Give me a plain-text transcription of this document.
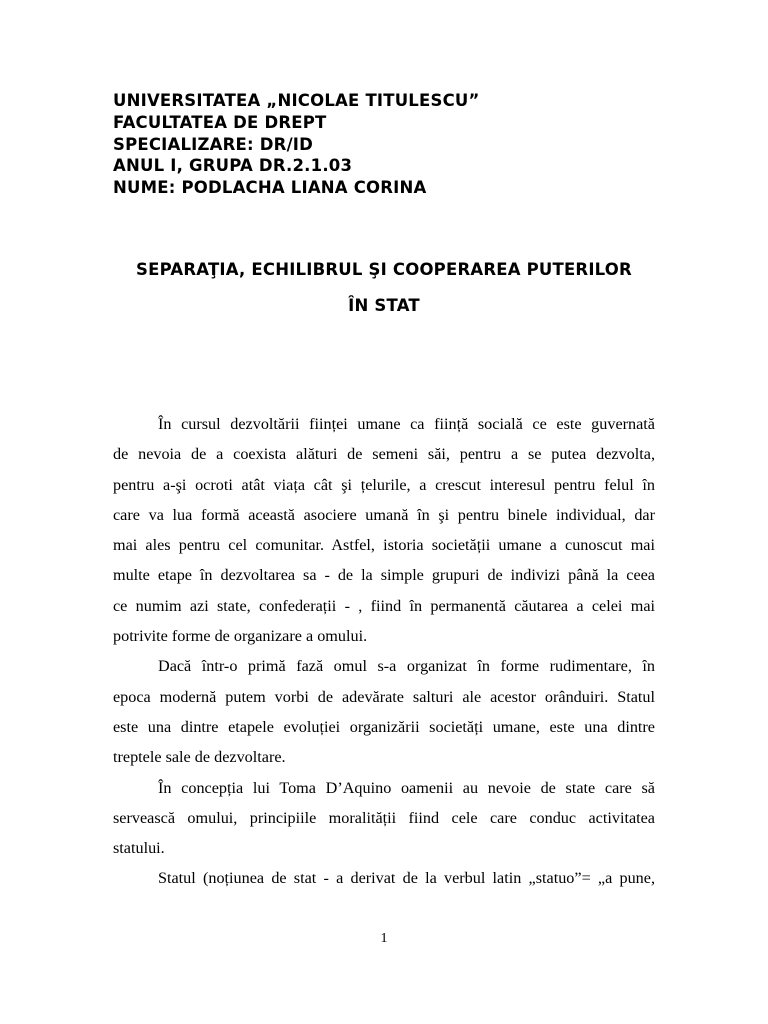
UNIVERSITATEA „NICOLAE TITULESCU”
FACULTATEA DE DREPT
SPECIALIZARE: DR/ID
ANUL I, GRUPA DR.2.1.03
NUME: PODLACHA LIANA CORINA
SEPARAŢIA, ECHILIBRUL ŞI COOPERAREA PUTERILOR
ÎN STAT
În cursul dezvoltării ființei umane ca ființă socială ce este guvernată
de nevoia de a coexista alături de semeni săi, pentru a se putea dezvolta,
pentru a-şi ocroti atât viața cât şi țelurile, a crescut interesul pentru felul în
care va lua formă această asociere umană în şi pentru binele individual, dar
mai ales pentru cel comunitar. Astfel, istoria societății umane a cunoscut mai
multe etape în dezvoltarea sa - de la simple grupuri de indivizi până la ceea
ce numim azi state, confederații - , fiind în permanentă căutarea a celei mai
potrivite forme de organizare a omului.
Dacă într-o primă fază omul s-a organizat în forme rudimentare, în
epoca modernă putem vorbi de adevărate salturi ale acestor orânduiri. Statul
este una dintre etapele evoluției organizării societăți umane, este una dintre
treptele sale de dezvoltare.
În concepția lui Toma D’Aquino oamenii au nevoie de state care să
servească omului, principiile moralității fiind cele care conduc activitatea
statului.
Statul (noțiunea de stat - a derivat de la verbul latin „statuo”= „a pune,
1
